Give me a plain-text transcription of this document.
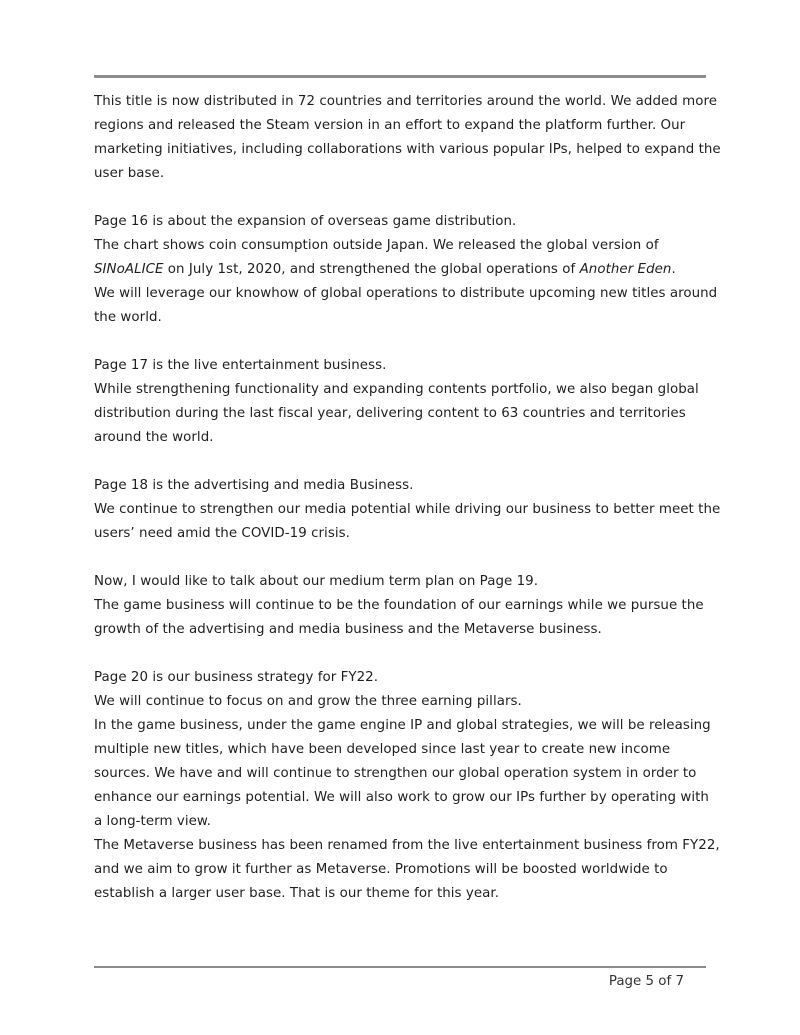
This title is now distributed in 72 countries and territories around the world. We added more
regions and released the Steam version in an effort to expand the platform further. Our
marketing initiatives, including collaborations with various popular IPs, helped to expand the
user base.

Page 16 is about the expansion of overseas game distribution.
The chart shows coin consumption outside Japan. We released the global version of
SINoALICE on July 1st, 2020, and strengthened the global operations of Another Eden.
We will leverage our knowhow of global operations to distribute upcoming new titles around
the world.

Page 17 is the live entertainment business.
While strengthening functionality and expanding contents portfolio, we also began global
distribution during the last fiscal year, delivering content to 63 countries and territories
around the world.

Page 18 is the advertising and media Business.
We continue to strengthen our media potential while driving our business to better meet the
users’ need amid the COVID-19 crisis.

Now, I would like to talk about our medium term plan on Page 19.
The game business will continue to be the foundation of our earnings while we pursue the
growth of the advertising and media business and the Metaverse business.

Page 20 is our business strategy for FY22.
We will continue to focus on and grow the three earning pillars.
In the game business, under the game engine IP and global strategies, we will be releasing
multiple new titles, which have been developed since last year to create new income
sources. We have and will continue to strengthen our global operation system in order to
enhance our earnings potential. We will also work to grow our IPs further by operating with
a long-term view.
The Metaverse business has been renamed from the live entertainment business from FY22,
and we aim to grow it further as Metaverse. Promotions will be boosted worldwide to
establish a larger user base. That is our theme for this year.

Page 5 of 7
